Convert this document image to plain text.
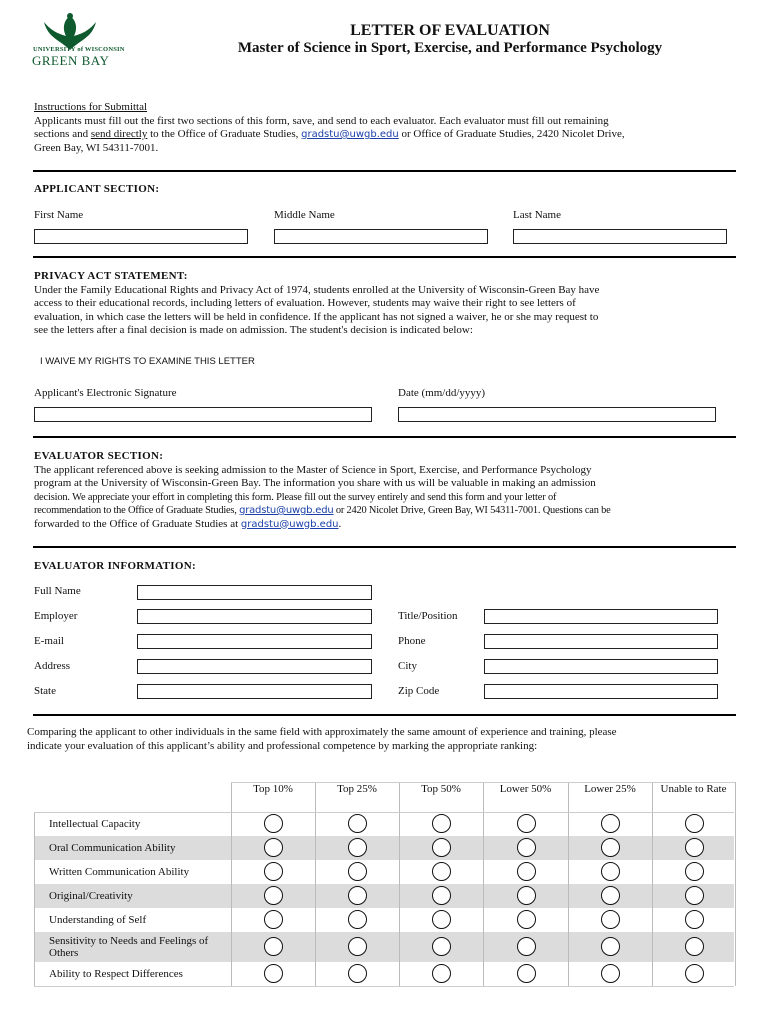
UNIVERSITY of WISCONSIN
GREEN BAY
LETTER OF EVALUATION
Master of Science in Sport, Exercise, and Performance Psychology
Instructions for Submittal
Applicants must fill out the first two sections of this form, save, and send to each evaluator. Each evaluator must fill out remaining
sections and send directly to the Office of Graduate Studies, gradstu@uwgb.edu or Office of Graduate Studies, 2420 Nicolet Drive,
Green Bay, WI 54311-7001.
APPLICANT SECTION:
First Name	Middle Name	Last Name
PRIVACY ACT STATEMENT:
Under the Family Educational Rights and Privacy Act of 1974, students enrolled at the University of Wisconsin-Green Bay have
access to their educational records, including letters of evaluation. However, students may waive their right to see letters of
evaluation, in which case the letters will be held in confidence. If the applicant has not signed a waiver, he or she may request to
see the letters after a final decision is made on admission. The student's decision is indicated below:
I WAIVE MY RIGHTS TO EXAMINE THIS LETTER
Applicant's Electronic Signature	Date (mm/dd/yyyy)
EVALUATOR SECTION:
The applicant referenced above is seeking admission to the Master of Science in Sport, Exercise, and Performance Psychology
program at the University of Wisconsin-Green Bay. The information you share with us will be valuable in making an admission
decision. We appreciate your effort in completing this form. Please fill out the survey entirely and send this form and your letter of
recommendation to the Office of Graduate Studies, gradstu@uwgb.edu or 2420 Nicolet Drive, Green Bay, WI 54311-7001. Questions can be
forwarded to the Office of Graduate Studies at gradstu@uwgb.edu.
EVALUATOR INFORMATION:
Full Name
Employer	Title/Position
E-mail	Phone
Address	City
State	Zip Code
Comparing the applicant to other individuals in the same field with approximately the same amount of experience and training, please
indicate your evaluation of this applicant’s ability and professional competence by marking the appropriate ranking:
Top 10%	Top 25%	Top 50%	Lower 50%	Lower 25%	Unable to Rate
Intellectual Capacity
Oral Communication Ability
Written Communication Ability
Original/Creativity
Understanding of Self
Sensitivity to Needs and Feelings of Others
Ability to Respect Differences
